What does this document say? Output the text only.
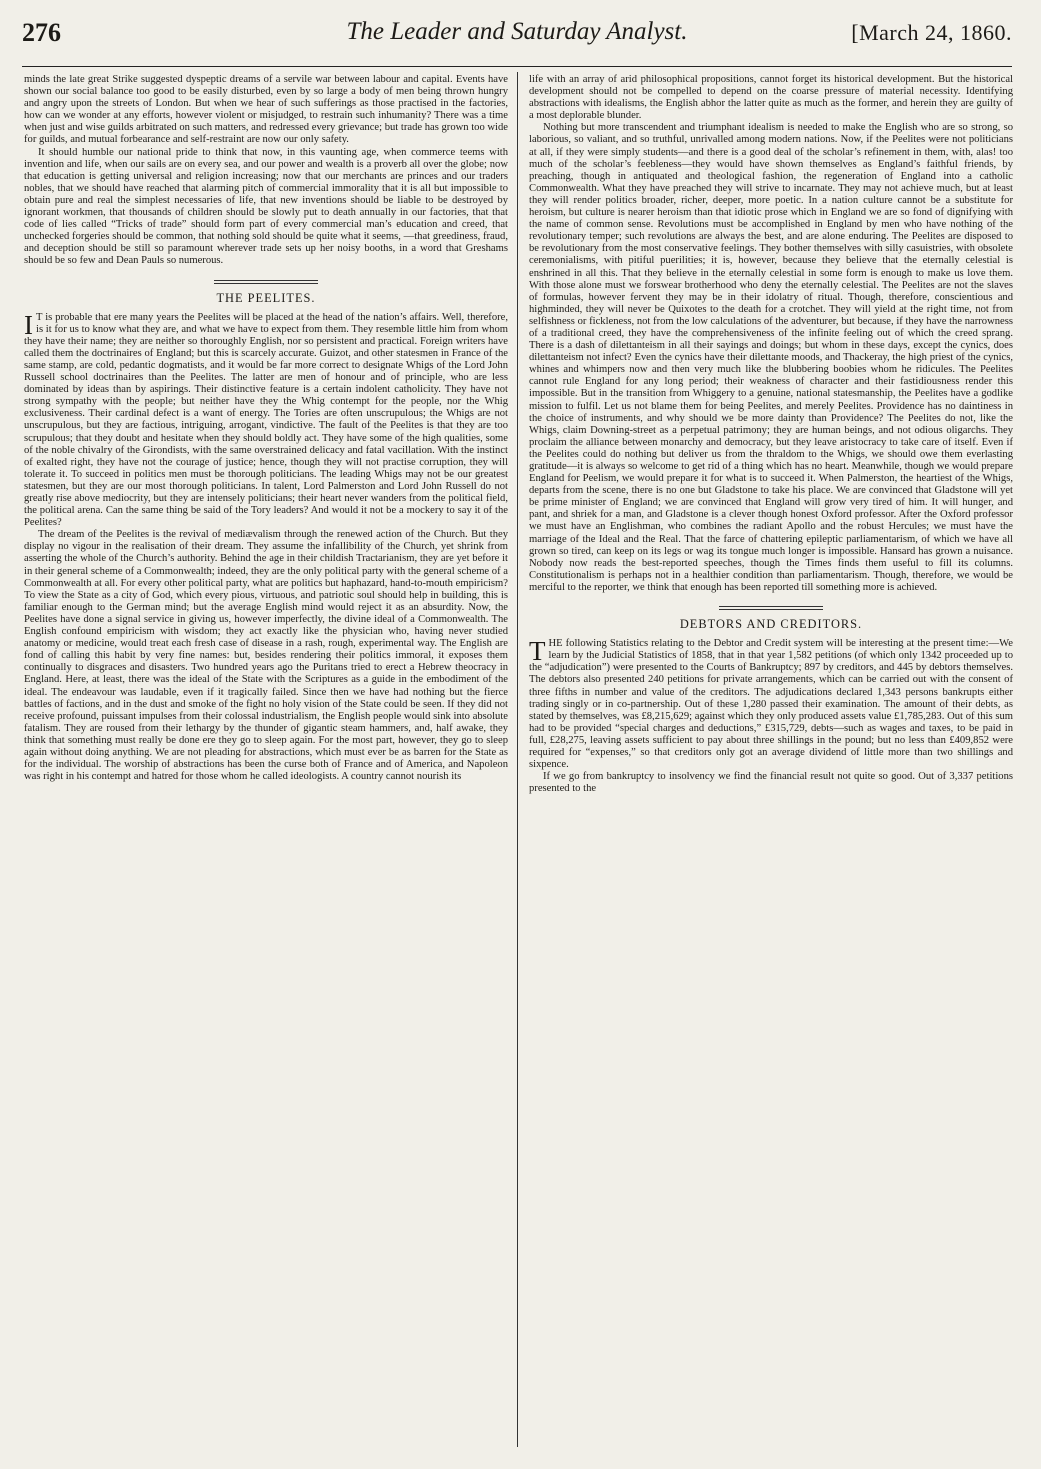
276	The Leader and Saturday Analyst.	[March 24, 1860.

minds the late great Strike suggested dyspeptic dreams of a servile war between labour and capital. Events have shown our social balance too good to be easily disturbed, even by so large a body of men being thrown hungry and angry upon the streets of London. But when we hear of such sufferings as those practised in the factories, how can we wonder at any efforts, however violent or misjudged, to restrain such inhumanity? There was a time when just and wise guilds arbitrated on such matters, and redressed every grievance; but trade has grown too wide for guilds, and mutual forbearance and self-restraint are now our only safety.

It should humble our national pride to think that now, in this vaunting age, when commerce teems with invention and life, when our sails are on every sea, and our power and wealth is a proverb all over the globe; now that education is getting universal and religion increasing; now that our merchants are princes and our traders nobles, that we should have reached that alarming pitch of commercial immorality that it is all but impossible to obtain pure and real the simplest necessaries of life, that new inventions should be liable to be destroyed by ignorant workmen, that thousands of children should be slowly put to death annually in our factories, that that code of lies called “Tricks of trade” should form part of every commercial man’s education and creed, that unchecked forgeries should be common, that nothing sold should be quite what it seems, —that greediness, fraud, and deception should be still so paramount wherever trade sets up her noisy booths, in a word that Greshams should be so few and Dean Pauls so numerous.

THE PEELITES.

I T is probable that ere many years the Peelites will be placed at the head of the nation’s affairs. Well, therefore, is it for us to know what they are, and what we have to expect from them. They resemble little him from whom they have their name; they are neither so thoroughly English, nor so persistent and practical. Foreign writers have called them the doctrinaires of England; but this is scarcely accurate. Guizot, and other statesmen in France of the same stamp, are cold, pedantic dogmatists, and it would be far more correct to designate Whigs of the Lord John Russell school doctrinaires than the Peelites. The latter are men of honour and of principle, who are less dominated by ideas than by aspirings. Their distinctive feature is a certain indolent catholicity. They have not strong sympathy with the people; but neither have they the Whig contempt for the people, nor the Whig exclusiveness. Their cardinal defect is a want of energy. The Tories are often unscrupulous; the Whigs are not unscrupulous, but they are factious, intriguing, arrogant, vindictive. The fault of the Peelites is that they are too scrupulous; that they doubt and hesitate when they should boldly act. They have some of the high qualities, some of the noble chivalry of the Girondists, with the same overstrained delicacy and fatal vacillation. With the instinct of exalted right, they have not the courage of justice; hence, though they will not practise corruption, they will tolerate it. To succeed in politics men must be thorough politicians. The leading Whigs may not be our greatest statesmen, but they are our most thorough politicians. In talent, Lord Palmerston and Lord John Russell do not greatly rise above mediocrity, but they are intensely politicians; their heart never wanders from the political field, the political arena. Can the same thing be said of the Tory leaders? And would it not be a mockery to say it of the Peelites?

The dream of the Peelites is the revival of mediævalism through the renewed action of the Church. But they display no vigour in the realisation of their dream. They assume the infallibility of the Church, yet shrink from asserting the whole of the Church’s authority. Behind the age in their childish Tractarianism, they are yet before it in their general scheme of a Commonwealth; indeed, they are the only political party with the general scheme of a Commonwealth at all. For every other political party, what are politics but haphazard, hand-to-mouth empiricism? To view the State as a city of God, which every pious, virtuous, and patriotic soul should help in building, this is familiar enough to the German mind; but the average English mind would reject it as an absurdity. Now, the Peelites have done a signal service in giving us, however imperfectly, the divine ideal of a Commonwealth. The English confound empiricism with wisdom; they act exactly like the physician who, having never studied anatomy or medicine, would treat each fresh case of disease in a rash, rough, experimental way. The English are fond of calling this habit by very fine names: but, besides rendering their politics immoral, it exposes them continually to disgraces and disasters. Two hundred years ago the Puritans tried to erect a Hebrew theocracy in England. Here, at least, there was the ideal of the State with the Scriptures as a guide in the embodiment of the ideal. The endeavour was laudable, even if it tragically failed. Since then we have had nothing but the fierce battles of factions, and in the dust and smoke of the fight no holy vision of the State could be seen. If they did not receive profound, puissant impulses from their colossal industrialism, the English people would sink into absolute fatalism. They are roused from their lethargy by the thunder of gigantic steam hammers, and, half awake, they think that something must really be done ere they go to sleep again. For the most part, however, they go to sleep again without doing anything. We are not pleading for abstractions, which must ever be as barren for the State as for the individual. The worship of abstractions has been the curse both of France and of America, and Napoleon was right in his contempt and hatred for those whom he called ideologists. A country cannot nourish its

life with an array of arid philosophical propositions, cannot forget its historical development. But the historical development should not be compelled to depend on the coarse pressure of material necessity. Identifying abstractions with idealisms, the English abhor the latter quite as much as the former, and herein they are guilty of a most deplorable blunder.

Nothing but more transcendent and triumphant idealism is needed to make the English who are so strong, so laborious, so valiant, and so truthful, unrivalled among modern nations. Now, if the Peelites were not politicians at all, if they were simply students—and there is a good deal of the scholar’s refinement in them, with, alas! too much of the scholar’s feebleness—they would have shown themselves as England’s faithful friends, by preaching, though in antiquated and theological fashion, the regeneration of England into a catholic Commonwealth. What they have preached they will strive to incarnate. They may not achieve much, but at least they will render politics broader, richer, deeper, more poetic. In a nation culture cannot be a substitute for heroism, but culture is nearer heroism than that idiotic prose which in England we are so fond of dignifying with the name of common sense. Revolutions must be accomplished in England by men who have nothing of the revolutionary temper; such revolutions are always the best, and are alone enduring. The Peelites are disposed to be revolutionary from the most conservative feelings. They bother themselves with silly casuistries, with obsolete ceremonialisms, with pitiful puerilities; it is, however, because they believe that the eternally celestial is enshrined in all this. That they believe in the eternally celestial in some form is enough to make us love them. With those alone must we forswear brotherhood who deny the eternally celestial. The Peelites are not the slaves of formulas, however fervent they may be in their idolatry of ritual. Though, therefore, conscientious and highminded, they will never be Quixotes to the death for a crotchet. They will yield at the right time, not from selfishness or fickleness, not from the low calculations of the adventurer, but because, if they have the narrowness of a traditional creed, they have the comprehensiveness of the infinite feeling out of which the creed sprang. There is a dash of dilettanteism in all their sayings and doings; but whom in these days, except the cynics, does dilettanteism not infect? Even the cynics have their dilettante moods, and Thackeray, the high priest of the cynics, whines and whimpers now and then very much like the blubbering boobies whom he ridicules. The Peelites cannot rule England for any long period; their weakness of character and their fastidiousness render this impossible. But in the transition from Whiggery to a genuine, national statesmanship, the Peelites have a godlike mission to fulfil. Let us not blame them for being Peelites, and merely Peelites. Providence has no daintiness in the choice of instruments, and why should we be more dainty than Providence? The Peelites do not, like the Whigs, claim Downing-street as a perpetual patrimony; they are human beings, and not odious oligarchs. They proclaim the alliance between monarchy and democracy, but they leave aristocracy to take care of itself. Even if the Peelites could do nothing but deliver us from the thraldom to the Whigs, we should owe them everlasting gratitude—it is always so welcome to get rid of a thing which has no heart. Meanwhile, though we would prepare England for Peelism, we would prepare it for what is to succeed it. When Palmerston, the heartiest of the Whigs, departs from the scene, there is no one but Gladstone to take his place. We are convinced that Gladstone will yet be prime minister of England; we are convinced that England will grow very tired of him. It will hunger, and pant, and shriek for a man, and Gladstone is a clever though honest Oxford professor. After the Oxford professor we must have an Englishman, who combines the radiant Apollo and the robust Hercules; we must have the marriage of the Ideal and the Real. That the farce of chattering epileptic parliamentarism, of which we have all grown so tired, can keep on its legs or wag its tongue much longer is impossible. Hansard has grown a nuisance. Nobody now reads the best-reported speeches, though the Times finds them useful to fill its columns. Constitutionalism is perhaps not in a healthier condition than parliamentarism. Though, therefore, we would be merciful to the reporter, we think that enough has been reported till something more is achieved.

DEBTORS AND CREDITORS.

THE following Statistics relating to the Debtor and Credit system will be interesting at the present time:—We learn by the Judicial Statistics of 1858, that in that year 1,582 petitions (of which only 1342 proceeded up to the “adjudication”) were presented to the Courts of Bankruptcy; 897 by creditors, and 445 by debtors themselves. The debtors also presented 240 petitions for private arrangements, which can be carried out with the consent of three fifths in number and value of the creditors. The adjudications declared 1,343 persons bankrupts either trading singly or in co-partnership. Out of these 1,280 passed their examination. The amount of their debts, as stated by themselves, was £8,215,629; against which they only produced assets value £1,785,283. Out of this sum had to be provided “special charges and deductions,” £315,729, debts—such as wages and taxes, to be paid in full, £28,275, leaving assets sufficient to pay about three shillings in the pound; but no less than £409,852 were required for “expenses,” so that creditors only got an average dividend of little more than two shillings and sixpence.

If we go from bankruptcy to insolvency we find the financial result not quite so good. Out of 3,337 petitions presented to the
